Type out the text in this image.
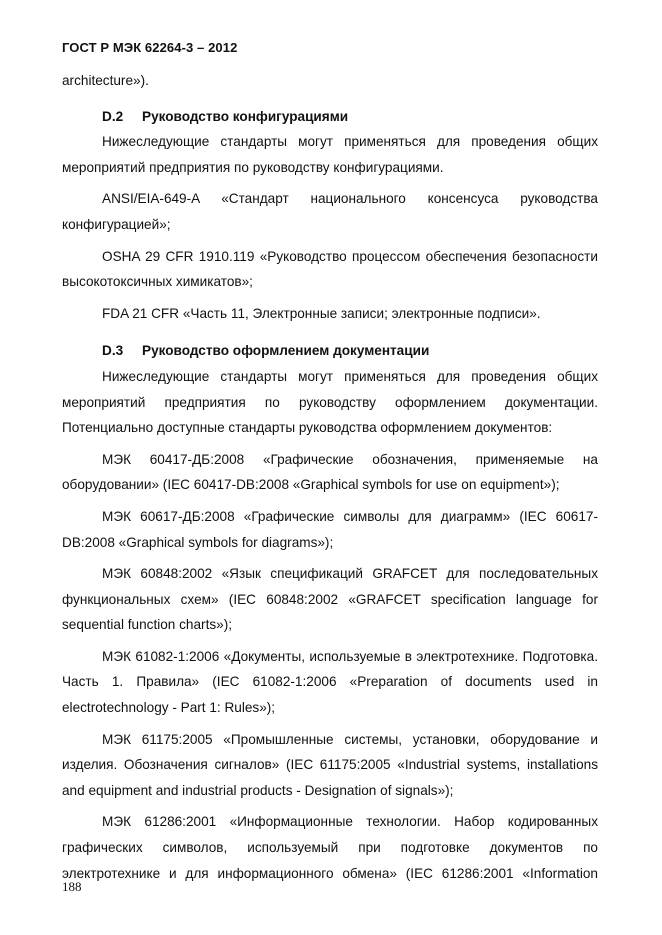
ГОСТ Р МЭК 62264-3 – 2012

architecture»).

D.2 Руководство конфигурациями

Нижеследующие стандарты могут применяться для проведения общих мероприятий предприятия по руководству конфигурациями.

ANSI/EIA-649-A «Стандарт национального консенсуса руководства конфигурацией»;

OSHA 29 CFR 1910.119 «Руководство процессом обеспечения безопасности высокотоксичных химикатов»;

FDA 21 CFR «Часть 11, Электронные записи; электронные подписи».

D.3 Руководство оформлением документации

Нижеследующие стандарты могут применяться для проведения общих мероприятий предприятия по руководству оформлением документации. Потенциально доступные стандарты руководства оформлением документов:

МЭК 60417-ДБ:2008 «Графические обозначения, применяемые на оборудовании» (IEC 60417-DB:2008 «Graphical symbols for use on equipment»);

МЭК 60617-ДБ:2008 «Графические символы для диаграмм» (IEC 60617-DB:2008 «Graphical symbols for diagrams»);

МЭК 60848:2002 «Язык спецификаций GRAFCET для последовательных функциональных схем» (IEC 60848:2002 «GRAFCET specification language for sequential function charts»);

МЭК 61082-1:2006 «Документы, используемые в электротехнике. Подготовка. Часть 1. Правила» (IEC 61082-1:2006 «Preparation of documents used in electrotechnology - Part 1: Rules»);

МЭК 61175:2005 «Промышленные системы, установки, оборудование и изделия. Обозначения сигналов» (IEC 61175:2005 «Industrial systems, installations and equipment and industrial products - Designation of signals»);

МЭК 61286:2001 «Информационные технологии. Набор кодированных графических символов, используемый при подготовке документов по электротехнике и для информационного обмена» (IEC 61286:2001 «Information

188
